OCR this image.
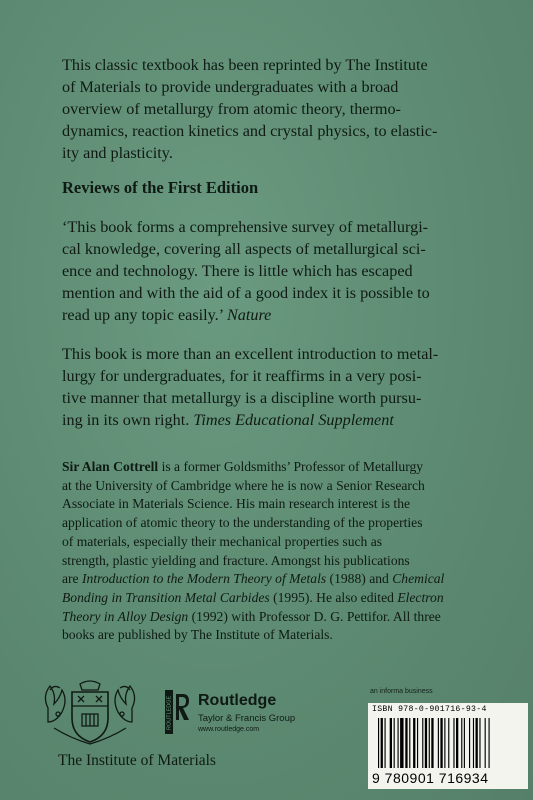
This classic textbook has been reprinted by The Institute
of Materials to provide undergraduates with a broad
overview of metallurgy from atomic theory, thermo-
dynamics, reaction kinetics and crystal physics, to elastic-
ity and plasticity.

Reviews of the First Edition

‘This book forms a comprehensive survey of metallurgi-
cal knowledge, covering all aspects of metallurgical sci-
ence and technology. There is little which has escaped
mention and with the aid of a good index it is possible to
read up any topic easily.’ Nature

This book is more than an excellent introduction to metal-
lurgy for undergraduates, for it reaffirms in a very posi-
tive manner that metallurgy is a discipline worth pursu-
ing in its own right. Times Educational Supplement

Sir Alan Cottrell is a former Goldsmiths’ Professor of Metallurgy
at the University of Cambridge where he is now a Senior Research
Associate in Materials Science. His main research interest is the
application of atomic theory to the understanding of the properties
of materials, especially their mechanical properties such as
strength, plastic yielding and fracture. Amongst his publications
are Introduction to the Modern Theory of Metals (1988) and Chemical
Bonding in Transition Metal Carbides (1995). He also edited Electron
Theory in Alloy Design (1992) with Professor D. G. Pettifor. All three
books are published by The Institute of Materials.

The Institute of Materials

ROUTLEDGE Routledge

Taylor & Francis Group

www.routledge.com

an informa business

ISBN 978-0-901716-93-4

9 780901 716934
